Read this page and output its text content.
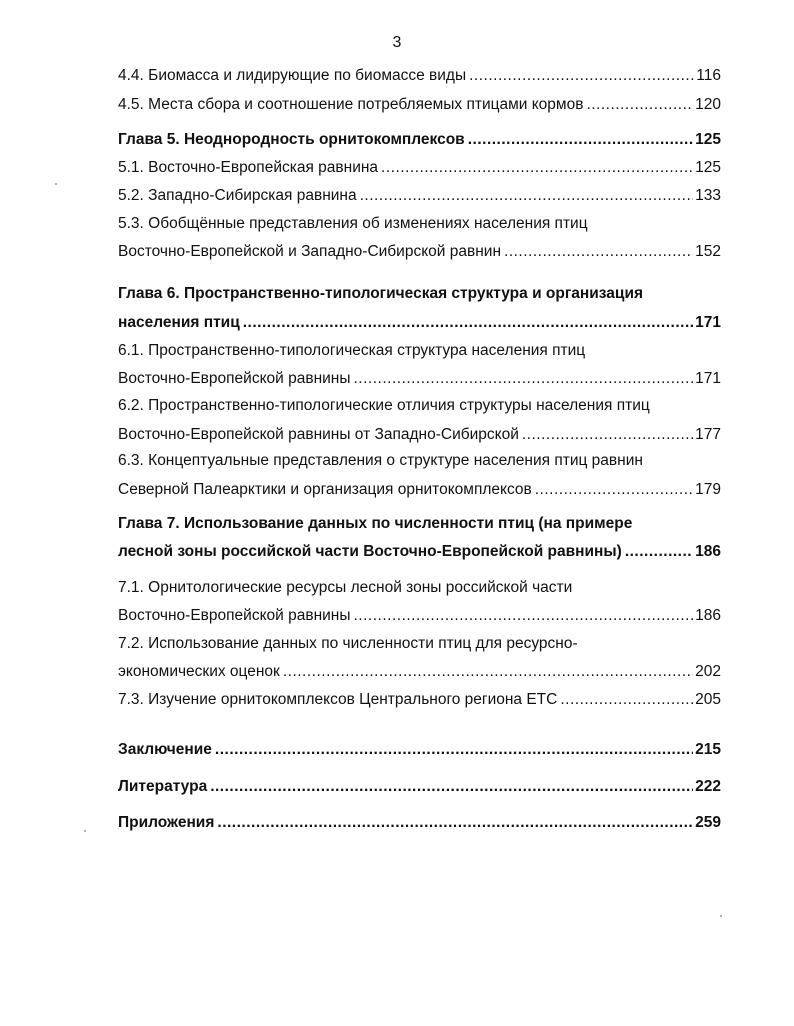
3
4.4. Биомасса и лидирующие по биомассе виды .....	116
4.5. Места сбора и соотношение потребляемых птицами кормов .....	120
Глава 5. Неоднородность орнитокомплексов .....	125
5.1. Восточно-Европейская равнина .....	125
5.2. Западно-Сибирская равнина .....	133
5.3. Обобщённые представления об изменениях населения птиц
Восточно-Европейской и Западно-Сибирской равнин .....	152
Глава 6. Пространственно-типологическая структура и организация
населения птиц .....	171
6.1. Пространственно-типологическая структура населения птиц
Восточно-Европейской равнины .....	171
6.2. Пространственно-типологические отличия структуры населения птиц
Восточно-Европейской равнины от Западно-Сибирской .....	177
6.3. Концептуальные представления о структуре населения птиц равнин
Северной Палеарктики и организация орнитокомплексов .....	179
Глава 7. Использование данных по численности птиц (на примере
лесной зоны российской части Восточно-Европейской равнины) .....	186
7.1. Орнитологические ресурсы лесной зоны российской части
Восточно-Европейской равнины .....	186
7.2. Использование данных по численности птиц для ресурсно-
экономических оценок .....	202
7.3. Изучение орнитокомплексов Центрального региона ЕТС .....	205
Заключение .....	215
Литература .....	222
Приложения .....	259
